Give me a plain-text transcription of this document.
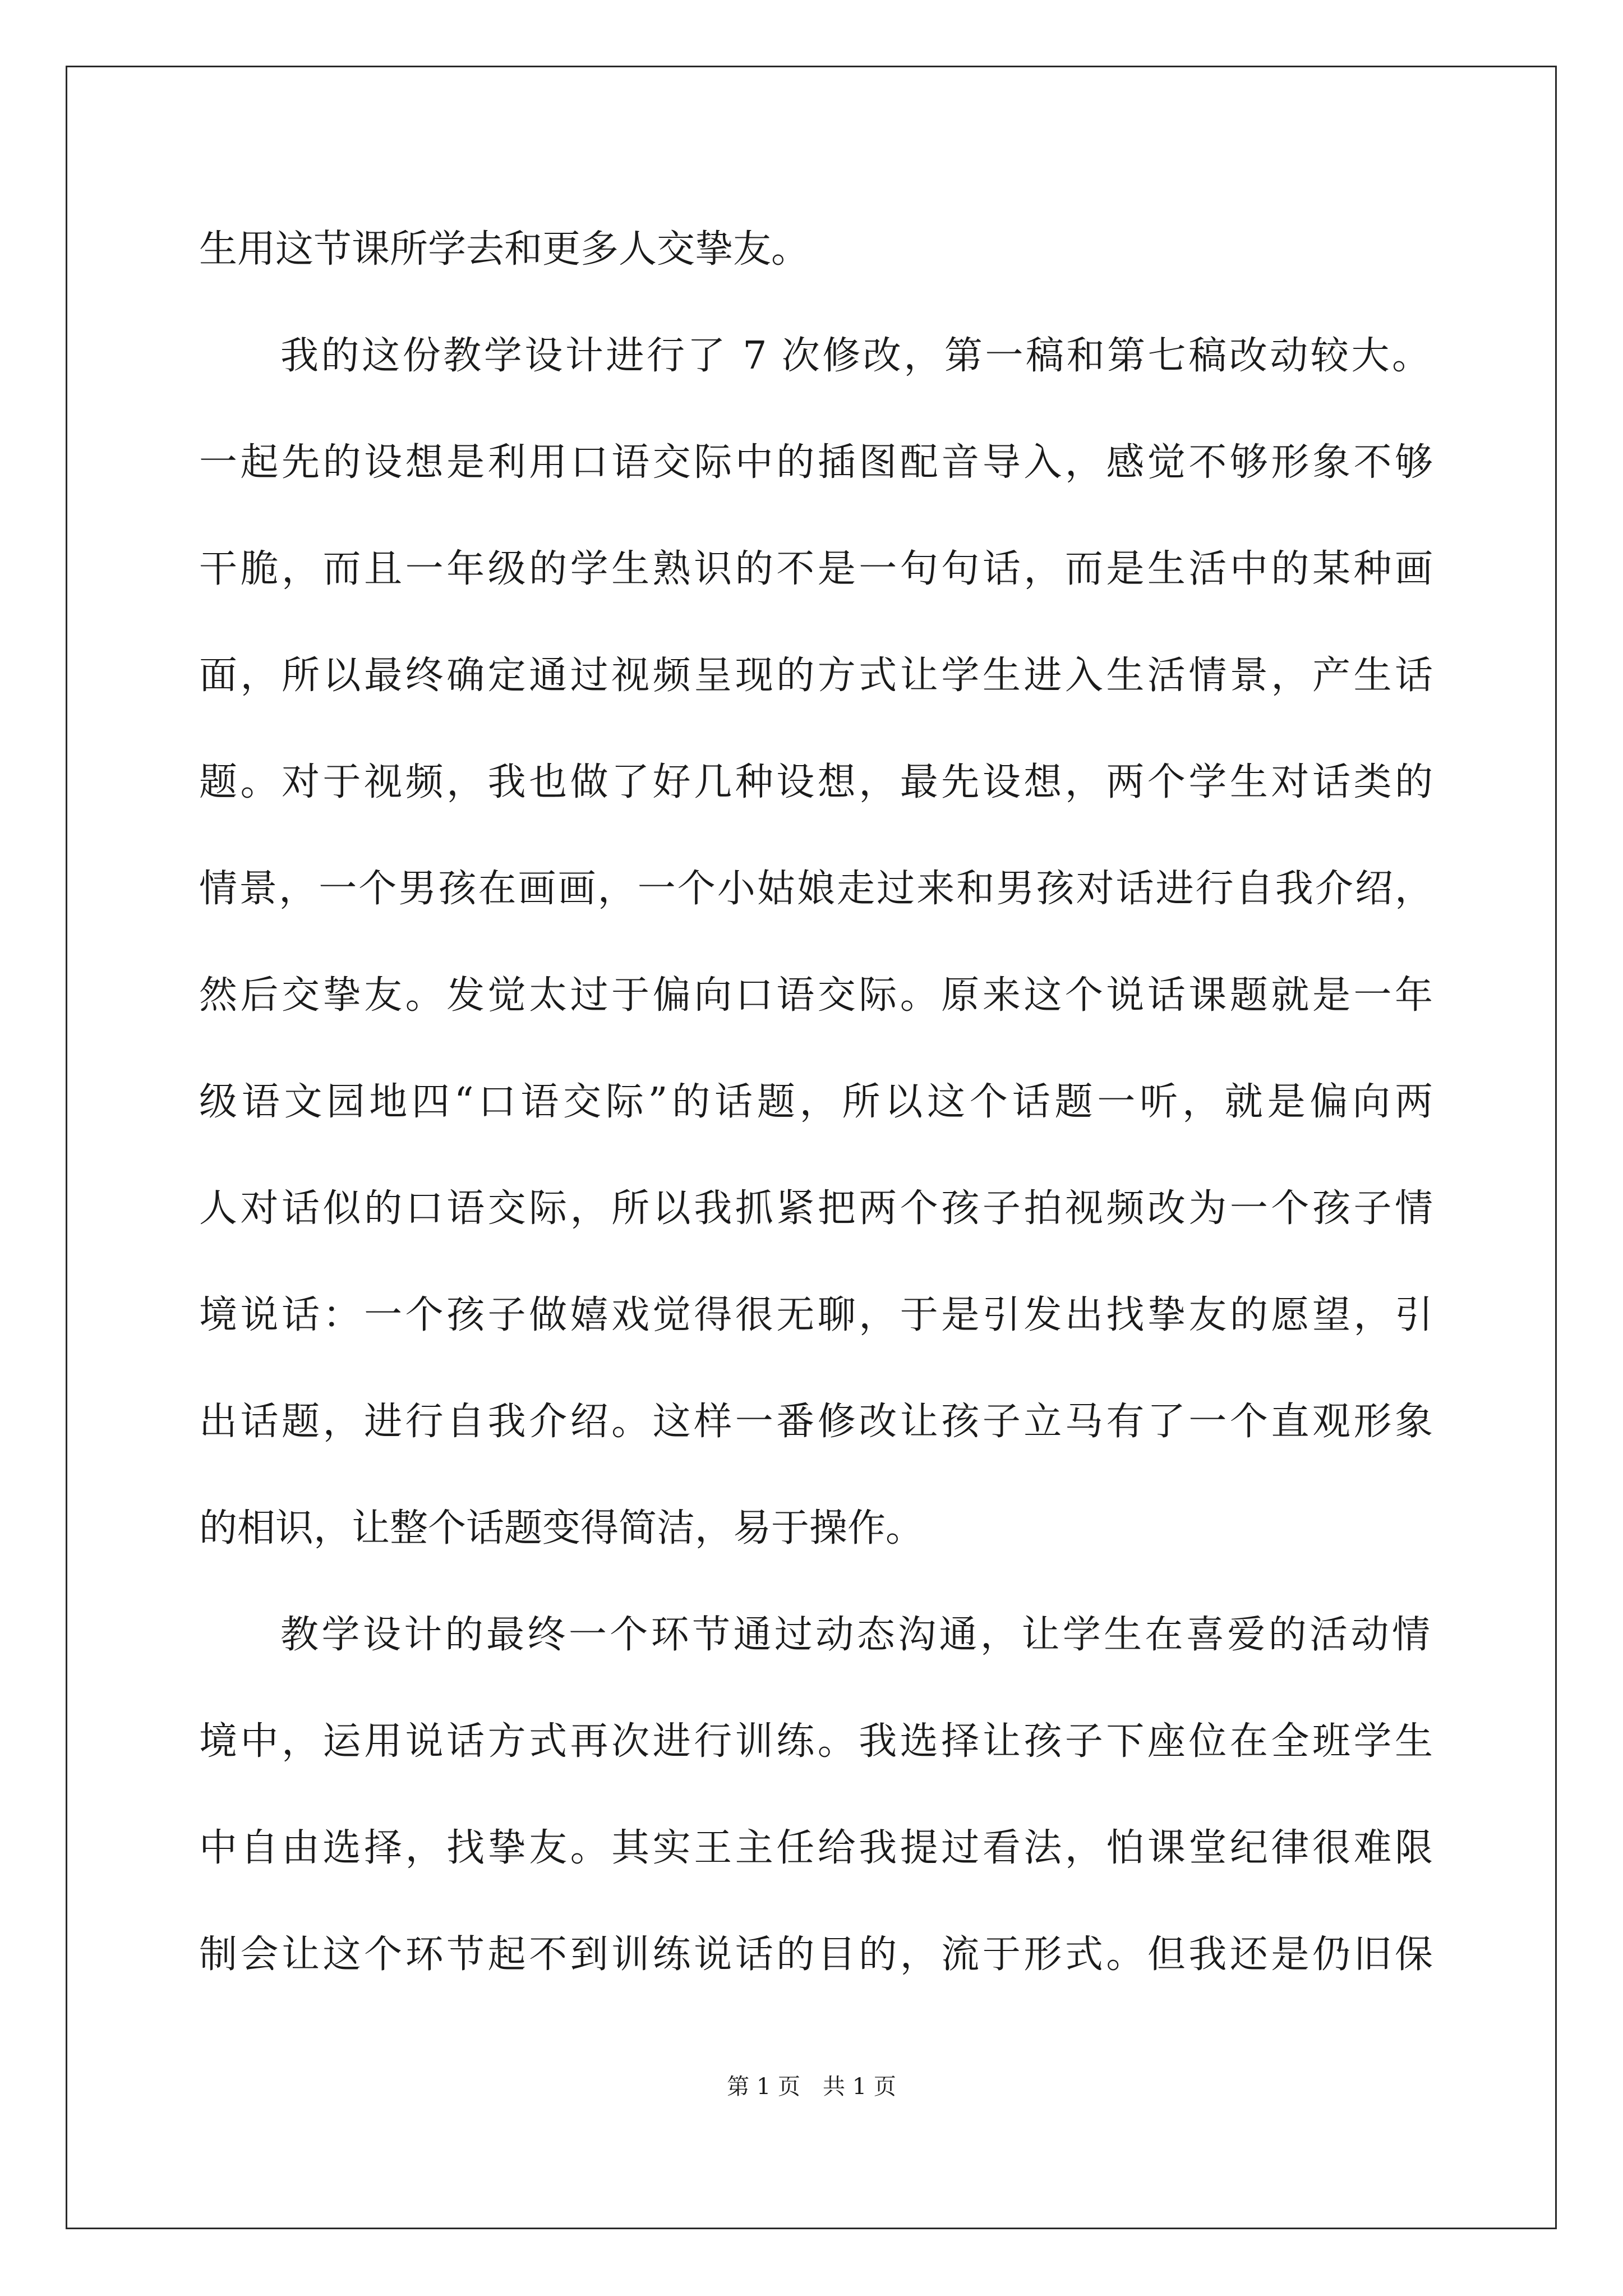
生用这节课所学去和更多人交挚友。
我的这份教学设计进行了 7 次修改，第一稿和第七稿改动较大。
一起先的设想是利用口语交际中的插图配音导入，感觉不够形象不够
干脆，而且一年级的学生熟识的不是一句句话，而是生活中的某种画
面，所以最终确定通过视频呈现的方式让学生进入生活情景，产生话
题。对于视频，我也做了好几种设想，最先设想，两个学生对话类的
情景，一个男孩在画画，一个小姑娘走过来和男孩对话进行自我介绍，
然后交挚友。发觉太过于偏向口语交际。原来这个说话课题就是一年
级语文园地四“口语交际”的话题，所以这个话题一听，就是偏向两
人对话似的口语交际，所以我抓紧把两个孩子拍视频改为一个孩子情
境说话：一个孩子做嬉戏觉得很无聊，于是引发出找挚友的愿望，引
出话题，进行自我介绍。这样一番修改让孩子立马有了一个直观形象
的相识，让整个话题变得简洁，易于操作。
教学设计的最终一个环节通过动态沟通，让学生在喜爱的活动情
境中，运用说话方式再次进行训练。我选择让孩子下座位在全班学生
中自由选择，找挚友。其实王主任给我提过看法，怕课堂纪律很难限
制会让这个环节起不到训练说话的目的，流于形式。但我还是仍旧保
第 1 页 共 1 页
